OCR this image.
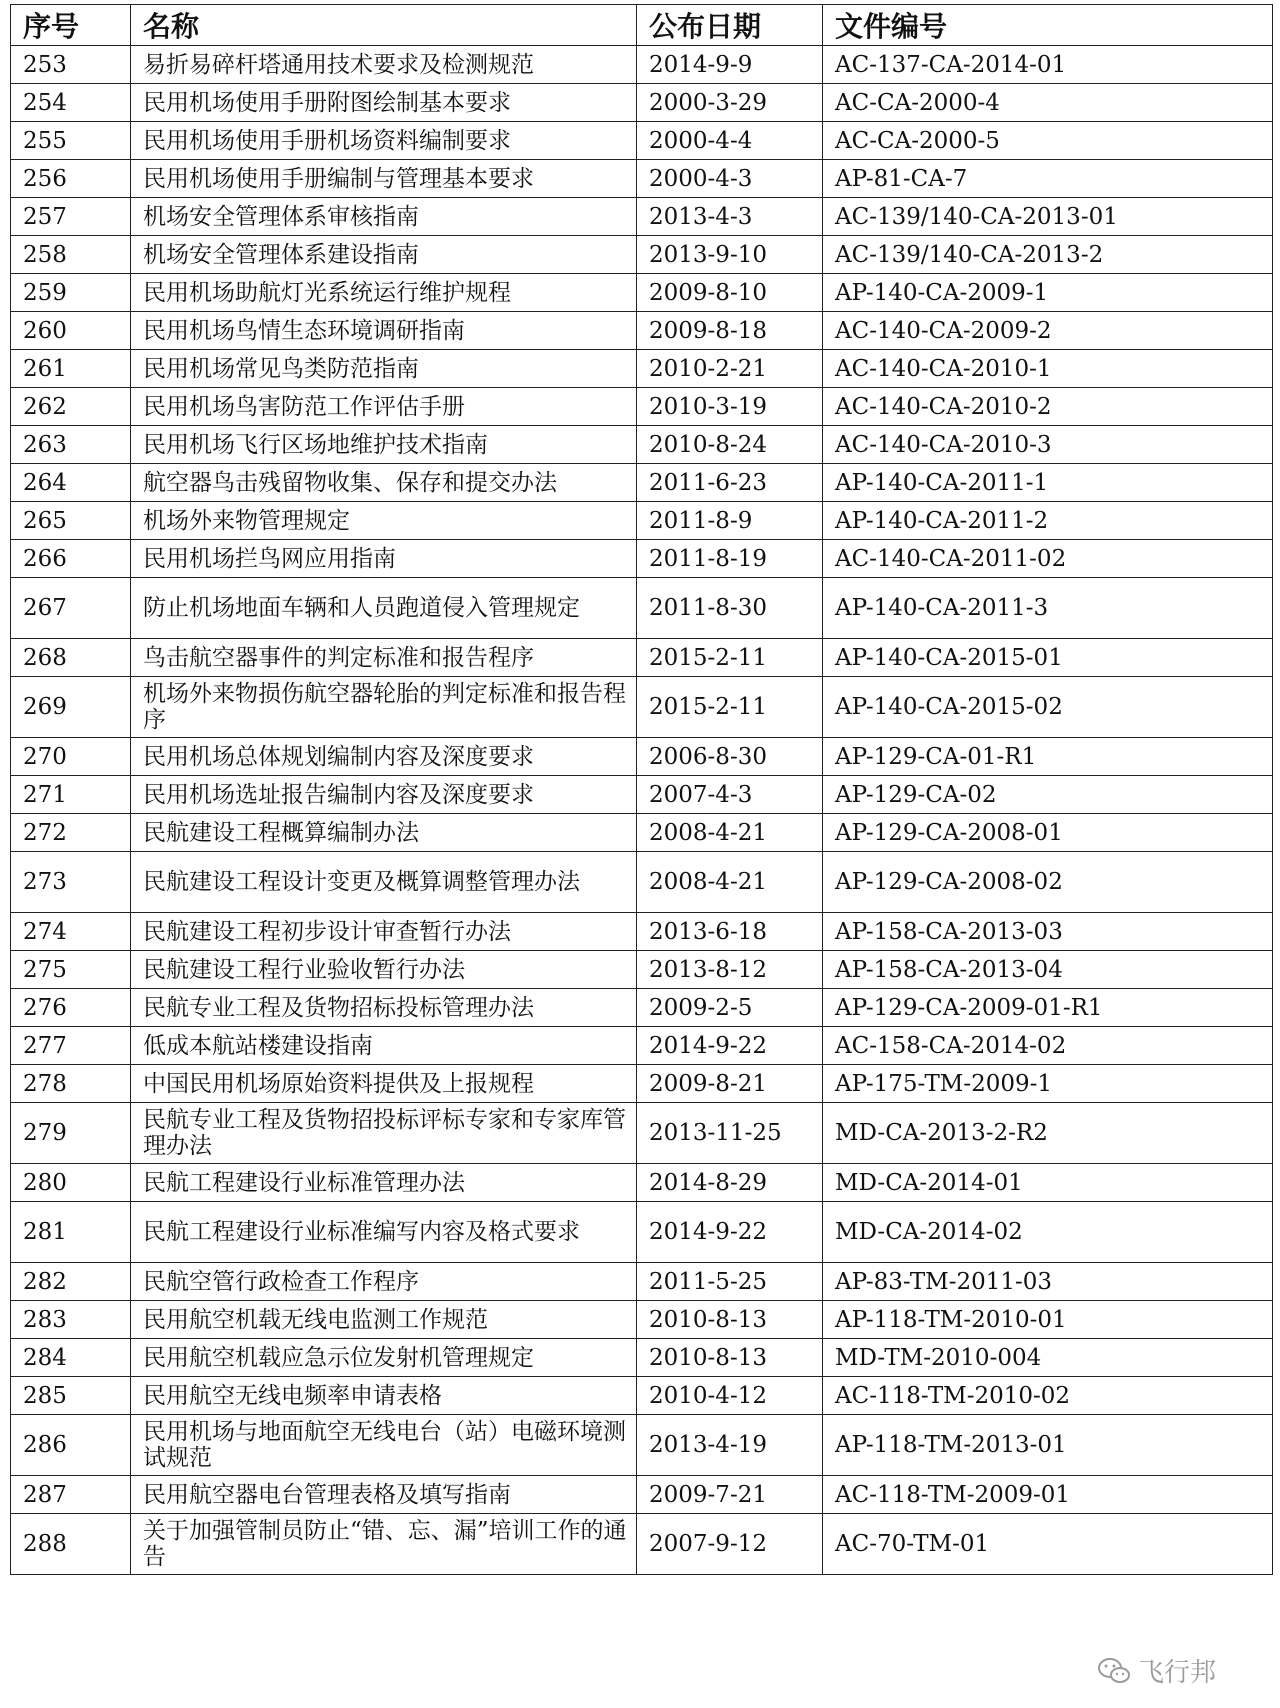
序号	名称	公布日期	文件编号
253	易折易碎杆塔通用技术要求及检测规范	2014-9-9	AC-137-CA-2014-01
254	民用机场使用手册附图绘制基本要求	2000-3-29	AC-CA-2000-4
255	民用机场使用手册机场资料编制要求	2000-4-4	AC-CA-2000-5
256	民用机场使用手册编制与管理基本要求	2000-4-3	AP-81-CA-7
257	机场安全管理体系审核指南	2013-4-3	AC-139/140-CA-2013-01
258	机场安全管理体系建设指南	2013-9-10	AC-139/140-CA-2013-2
259	民用机场助航灯光系统运行维护规程	2009-8-10	AP-140-CA-2009-1
260	民用机场鸟情生态环境调研指南	2009-8-18	AC-140-CA-2009-2
261	民用机场常见鸟类防范指南	2010-2-21	AC-140-CA-2010-1
262	民用机场鸟害防范工作评估手册	2010-3-19	AC-140-CA-2010-2
263	民用机场飞行区场地维护技术指南	2010-8-24	AC-140-CA-2010-3
264	航空器鸟击残留物收集、保存和提交办法	2011-6-23	AP-140-CA-2011-1
265	机场外来物管理规定	2011-8-9	AP-140-CA-2011-2
266	民用机场拦鸟网应用指南	2011-8-19	AC-140-CA-2011-02
267	防止机场地面车辆和人员跑道侵入管理规定	2011-8-30	AP-140-CA-2011-3
268	鸟击航空器事件的判定标准和报告程序	2015-2-11	AP-140-CA-2015-01
269	机场外来物损伤航空器轮胎的判定标准和报告程序	2015-2-11	AP-140-CA-2015-02
270	民用机场总体规划编制内容及深度要求	2006-8-30	AP-129-CA-01-R1
271	民用机场选址报告编制内容及深度要求	2007-4-3	AP-129-CA-02
272	民航建设工程概算编制办法	2008-4-21	AP-129-CA-2008-01
273	民航建设工程设计变更及概算调整管理办法	2008-4-21	AP-129-CA-2008-02
274	民航建设工程初步设计审查暂行办法	2013-6-18	AP-158-CA-2013-03
275	民航建设工程行业验收暂行办法	2013-8-12	AP-158-CA-2013-04
276	民航专业工程及货物招标投标管理办法	2009-2-5	AP-129-CA-2009-01-R1
277	低成本航站楼建设指南	2014-9-22	AC-158-CA-2014-02
278	中国民用机场原始资料提供及上报规程	2009-8-21	AP-175-TM-2009-1
279	民航专业工程及货物招投标评标专家和专家库管理办法	2013-11-25	MD-CA-2013-2-R2
280	民航工程建设行业标准管理办法	2014-8-29	MD-CA-2014-01
281	民航工程建设行业标准编写内容及格式要求	2014-9-22	MD-CA-2014-02
282	民航空管行政检查工作程序	2011-5-25	AP-83-TM-2011-03
283	民用航空机载无线电监测工作规范	2010-8-13	AP-118-TM-2010-01
284	民用航空机载应急示位发射机管理规定	2010-8-13	MD-TM-2010-004
285	民用航空无线电频率申请表格	2010-4-12	AC-118-TM-2010-02
286	民用机场与地面航空无线电台（站）电磁环境测试规范	2013-4-19	AP-118-TM-2013-01
287	民用航空器电台管理表格及填写指南	2009-7-21	AC-118-TM-2009-01
288	关于加强管制员防止“错、忘、漏”培训工作的通告	2007-9-12	AC-70-TM-01
飞行邦
